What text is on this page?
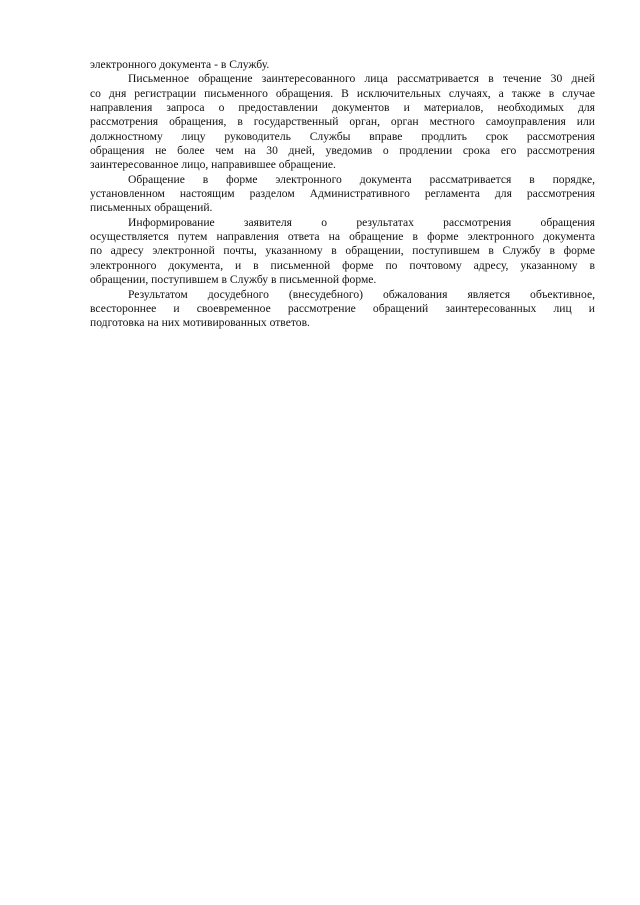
электронного документа - в Службу.
Письменное обращение заинтересованного лица рассматривается в течение 30 дней
со дня регистрации письменного обращения. В исключительных случаях, а также в случае
направления запроса о предоставлении документов и материалов, необходимых для
рассмотрения обращения, в государственный орган, орган местного самоуправления или
должностному лицу руководитель Службы вправе продлить срок рассмотрения
обращения не более чем на 30 дней, уведомив о продлении срока его рассмотрения
заинтересованное лицо, направившее обращение.
Обращение в форме электронного документа рассматривается в порядке,
установленном настоящим разделом Административного регламента для рассмотрения
письменных обращений.
Информирование заявителя о результатах рассмотрения обращения
осуществляется путем направления ответа на обращение в форме электронного документа
по адресу электронной почты, указанному в обращении, поступившем в Службу в форме
электронного документа, и в письменной форме по почтовому адресу, указанному в
обращении, поступившем в Службу в письменной форме.
Результатом досудебного (внесудебного) обжалования является объективное,
всестороннее и своевременное рассмотрение обращений заинтересованных лиц и
подготовка на них мотивированных ответов.
